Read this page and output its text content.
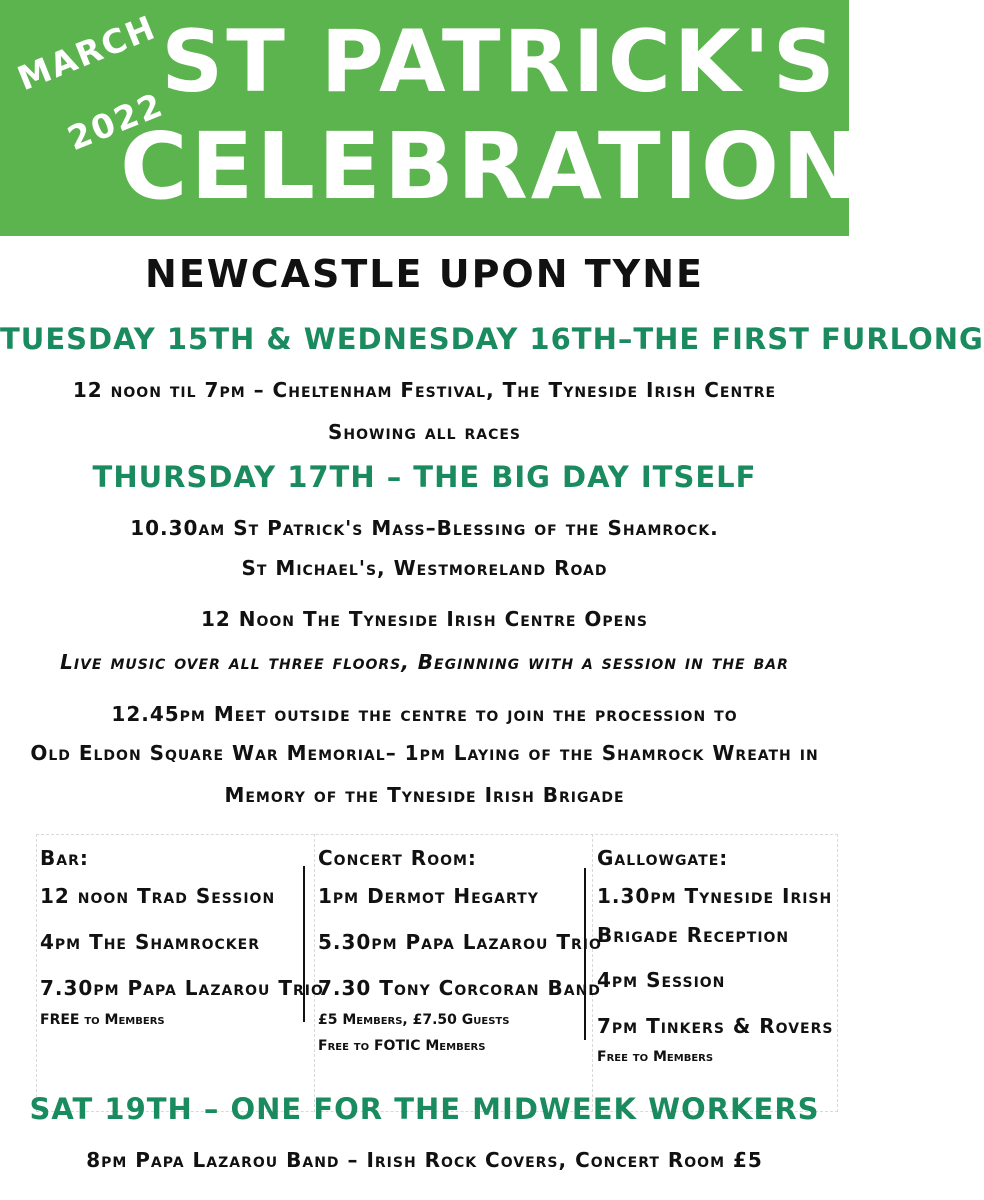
MARCH
2022
ST PATRICK'S
CELEBRATIONS
NEWCASTLE UPON TYNE
TUESDAY 15TH & WEDNESDAY 16TH–THE FIRST FURLONG
12 noon til 7pm – Cheltenham Festival, The Tyneside Irish Centre
Showing all races
THURSDAY 17TH – THE BIG DAY ITSELF
10.30am St Patrick's Mass–Blessing of the Shamrock.
St Michael's, Westmoreland Road
12 Noon The Tyneside Irish Centre Opens
Live music over all three floors, Beginning with a session in the bar
12.45pm Meet outside the centre to join the procession to
Old Eldon Square War Memorial– 1pm Laying of the Shamrock Wreath in
Memory of the Tyneside Irish Brigade
Bar:
12 noon Trad Session
4pm The Shamrocker
7.30pm Papa Lazarou Trio
FREE to Members
Concert Room:
1pm Dermot Hegarty
5.30pm Papa Lazarou Trio
7.30 Tony Corcoran Band
£5 Members, £7.50 Guests
Free to FOTIC Members
Gallowgate:
1.30pm Tyneside Irish
Brigade Reception
4pm Session
7pm Tinkers & Rovers
Free to Members
SAT 19TH – ONE FOR THE MIDWEEK WORKERS
8pm Papa Lazarou Band – Irish Rock Covers, Concert Room £5
